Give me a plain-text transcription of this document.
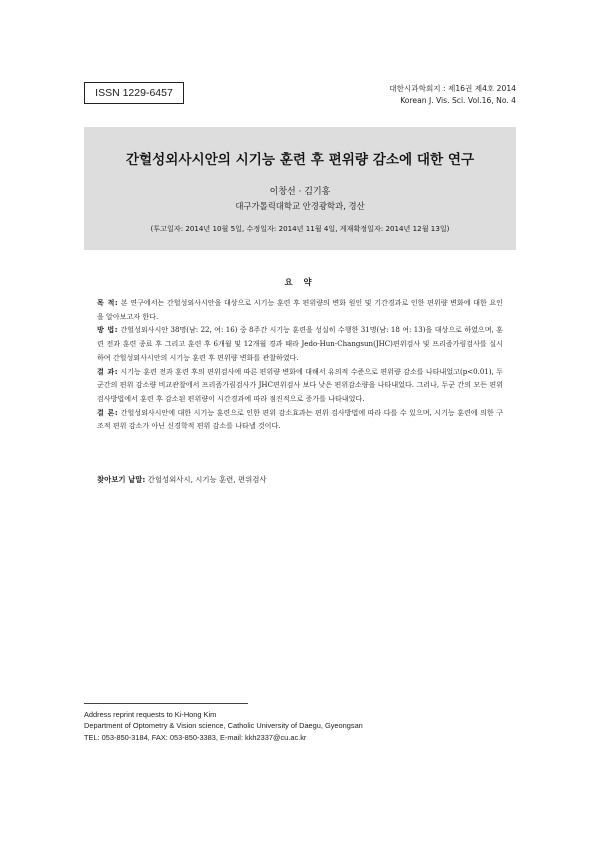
ISSN 1229-6457	대한시과학회지 : 제16권 제4호 2014
Korean J. Vis. Sci. Vol.16, No. 4
간헐성외사시안의 시기능 훈련 후 편위량 감소에 대한 연구
이창선 · 김기홍
대구가톨릭대학교 안경광학과, 경산
(투고일자: 2014년 10월 5일, 수정일자: 2014년 11월 4일, 게재확정일자: 2014년 12월 13일)
요 약

목 적: 본 연구에서는 간헐성외사시안을 대상으로 시기능 훈련 후 편위량의 변화 원인 및 기간경과로 인한 편위량 변화에 대한 요인을 알아보고자 한다.

방 법: 간헐성외사시안 38명(남: 22, 여: 16) 중 8주간 시기능 훈련을 성실히 수행한 31명(남: 18 여: 13)을 대상으로 하였으며, 훈련 전과 훈련 종료 후 그리고 훈련 후 6개월 및 12개월 경과 때라 Jedo-Hun-Changsun(JHC)편위검사 및 프리즘가림검사를 실시하여 간헐성외사시안의 시기능 훈련 후 편위량 변화를 관찰하였다.

결 과: 시기능 훈련 전과 훈련 후의 편위검사에 따른 편위량 변화에 대해서 유의적 수준으로 편위량 감소를 나타내었고(p<0.01), 두 군간의 편위 감소량 비교관찰에서 프리즘가림검사가 JHC편위검사 보다 낮은 편위감소량을 나타내었다. 그러나, 두군 간의 모든 편위검사방법에서 훈련 후 감소된 편위량이 시간경과에 따라 점진적으로 증가를 나타내었다.

결 론: 간헐성외사시안에 대한 시기능 훈련으로 인한 편위 감소효과는 편위 검사방법에 따라 다를 수 있으며, 시기능 훈련에 의한 구조적 편위 감소가 아닌 신경학적 편위 감소를 나타낼 것이다.

찾아보기 낱말: 간헐성외사시, 시기능 훈련, 편위검사
Address reprint requests to Ki-Hong Kim
Department of Optometry & Vision science, Catholic University of Daegu, Gyeongsan
TEL: 053-850-3184, FAX: 053-850-3383, E-mail: kkh2337@cu.ac.kr
